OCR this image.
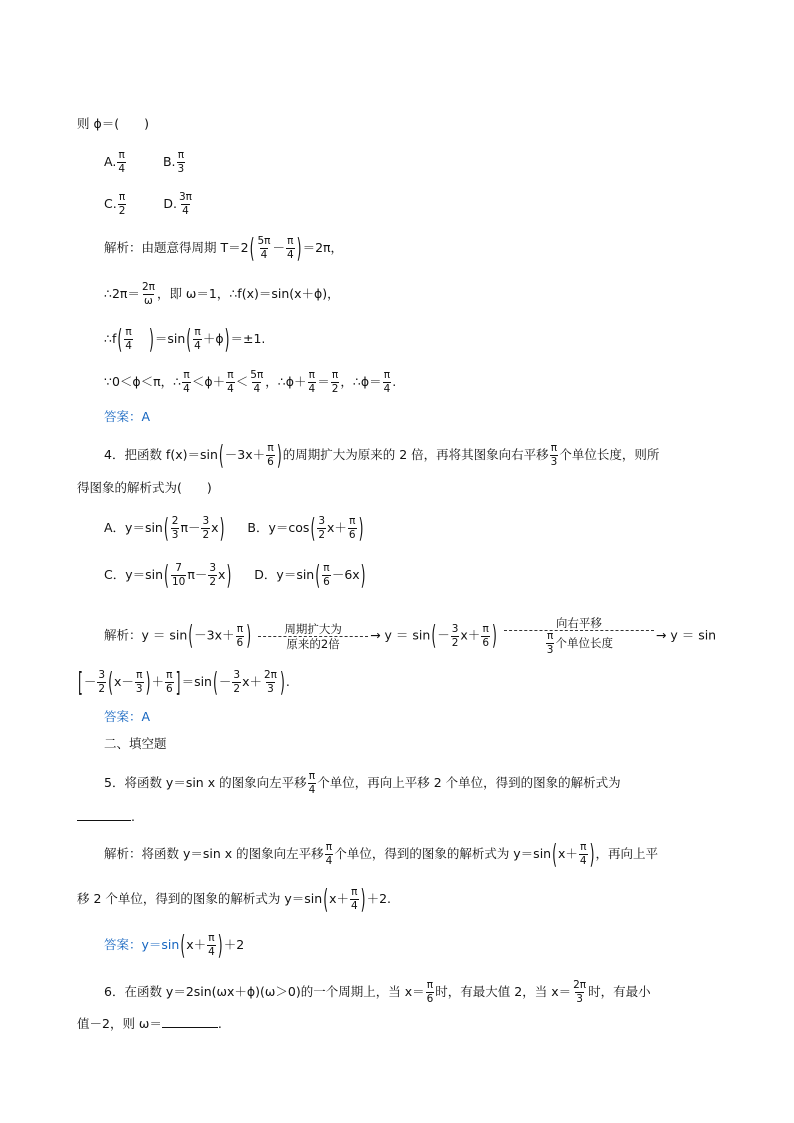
则 ϕ＝(　　)
A. $\frac{\pi}{4}$	B. $\frac{\pi}{3}$
C. $\frac{\pi}{2}$	D. $\frac{3\pi}{4}$
解析：由题意得周期 $T=2( \frac{5\pi}{4} - \frac{\pi}{4} )=2\pi$，
∴2π＝ $\frac{2\pi}{\omega}$ ，即 ω＝1，∴f(x)＝sin(x＋ϕ)，
∴f( $\frac{\pi}{4} )=\sin( \frac{\pi}{4} +\phi)=\pm 1$.
∵0＜ϕ＜π，∴ $\frac{\pi}{4} <\phi+ \frac{\pi}{4} < \frac{5\pi}{4}$ ，∴ϕ＋ $\frac{\pi}{4} = \frac{\pi}{2}$ ，∴ϕ＝ $\frac{\pi}{4}$ .
答案：A
4．把函数 $f(x)=\sin(-3x+ \frac{\pi}{6}$ )的周期扩大为原来的 2 倍，再将其图象向右平移 $\frac{\pi}{3}$ 个单位长度，则所
得图象的解析式为(　　)
A．$y=\sin( \frac{2}{3} \pi- \frac{3}{2} x)$ B．$y=\cos( \frac{3}{2} x+ \frac{\pi}{6}$ )
C．$y=\sin( \frac{7}{10} \pi- \frac{3}{2} x)$ D．$y=\sin( \frac{\pi}{6} -6x)$
解析：$y = \sin(-3x+ \frac{\pi}{6}$ )	周期扩大为
原来的2倍
→ $y = \sin(- \frac{3}{2} x+ \frac{\pi}{6}$ )	向右平移
$\frac{\pi}{3}$ 个单位长度
→ y ＝ sin
[－ $\frac{3}{2} (x- \frac{\pi}{3}$ )＋ $\frac{\pi}{6} ]=\sin(- \frac{3}{2} x+ \frac{2\pi}{3}$ ).
答案：A
二、填空题
5．将函数 y＝sin x 的图象向左平移 $\frac{\pi}{4}$ 个单位，再向上平移 2 个单位，得到的图象的解析式为
.
解析：将函数 y＝sin x 的图象向左平移 $\frac{\pi}{4}$ 个单位，得到的图象的解析式为 $y=\sin(x+ \frac{\pi}{4}$ )，再向上平
移 2 个单位，得到的图象的解析式为 $y=\sin(x+ \frac{\pi}{4} )+2$.
答案：$y=\sin(x+ \frac{\pi}{4} )+2$
6．在函数 y＝2sin(ωx＋ϕ)(ω＞0)的一个周期上，当 $x= \frac{\pi}{6}$ 时，有最大值 2，当 $x= \frac{2\pi}{3}$ 时，有最小
值－2，则 ω＝	.
